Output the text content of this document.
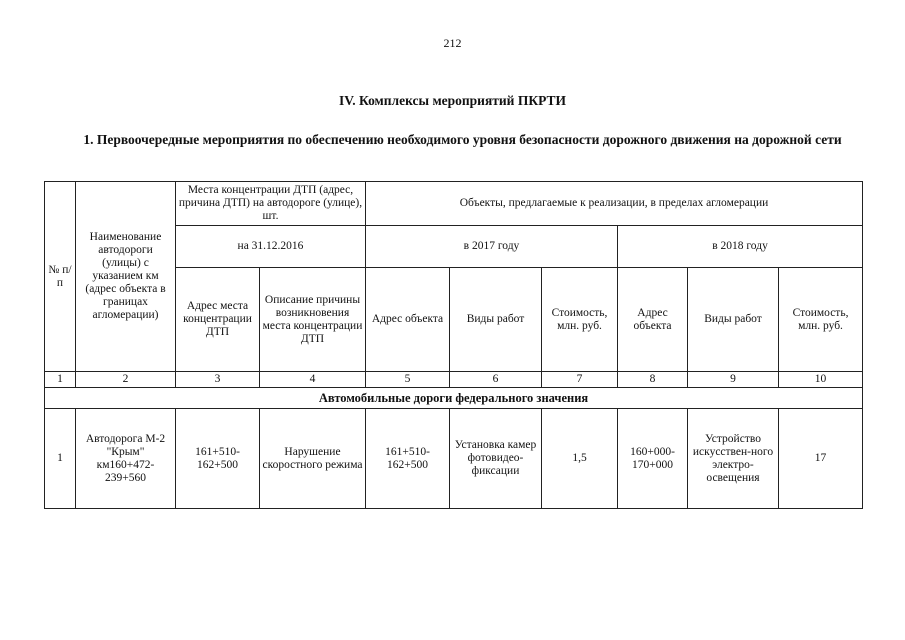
212
IV. Комплексы мероприятий ПКРТИ
1. Первоочередные мероприятия по обеспечению необходимого уровня безопасности дорожного движения на дорожной сети
№ п/п	Наименование автодороги (улицы) с указанием км (адрес объекта в границах агломерации)	Места концентрации ДТП (адрес, причина ДТП) на автодороге (улице), шт.		Объекты, предлагаемые к реализации, в пределах агломерации					
		на 31.12.2016		в 2017 году			в 2018 году		
		Адрес места концентрации ДТП	Описание причины возникновения места концентрации ДТП	Адрес объекта	Виды работ	Стоимость, млн. руб.	Адрес объекта	Виды работ	Стоимость, млн. руб.
1	2	3	4	5	6	7	8	9	10
Автомобильные дороги федерального значения									
1	Автодорога М-2 "Крым" км160+472-239+560	161+510-162+500	Нарушение скоростного режима	161+510-162+500	Установка камер фотовидео-фиксации	1,5	160+000-170+000	Устройство искусствен-ного электро-освещения	17
